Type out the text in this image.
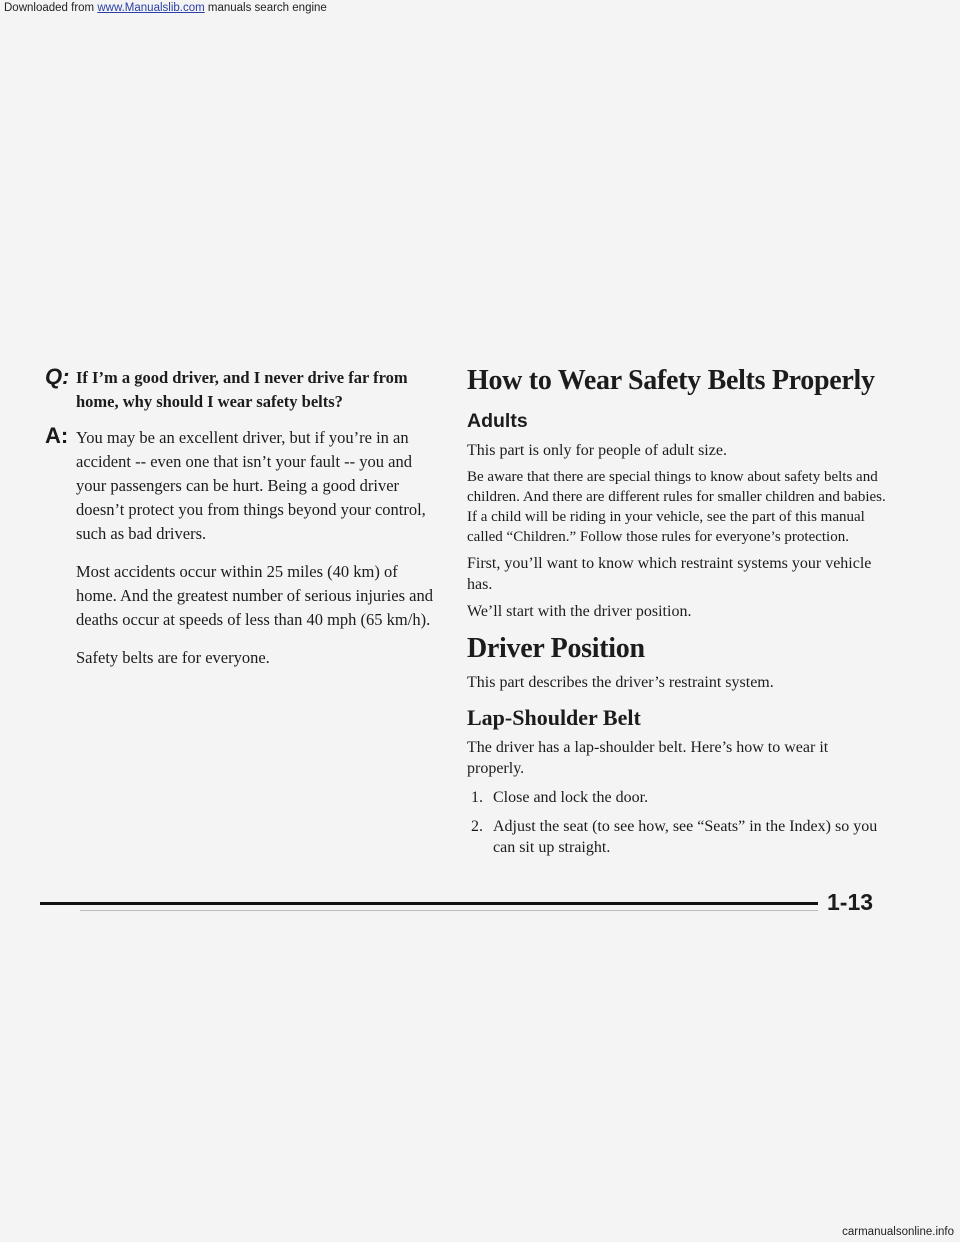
Downloaded from www.Manualslib.com manuals search engine
Q: If I’m a good driver, and I never drive far from home, why should I wear safety belts?

A: You may be an excellent driver, but if you’re in an accident -- even one that isn’t your fault -- you and your passengers can be hurt. Being a good driver doesn’t protect you from things beyond your control, such as bad drivers.

Most accidents occur within 25 miles (40 km) of home. And the greatest number of serious injuries and deaths occur at speeds of less than 40 mph (65 km/h).

Safety belts are for everyone.

How to Wear Safety Belts Properly
Adults

This part is only for people of adult size.

Be aware that there are special things to know about safety belts and children. And there are different rules for smaller children and babies. If a child will be riding in your vehicle, see the part of this manual called “Children.” Follow those rules for everyone’s protection.

First, you’ll want to know which restraint systems your vehicle has.

We’ll start with the driver position.

Driver Position

This part describes the driver’s restraint system.

Lap-Shoulder Belt

The driver has a lap-shoulder belt. Here’s how to wear it properly.

1. Close and lock the door.
2. Adjust the seat (to see how, see “Seats” in the Index) so you can sit up straight.
1-13
carmanualsonline.info
